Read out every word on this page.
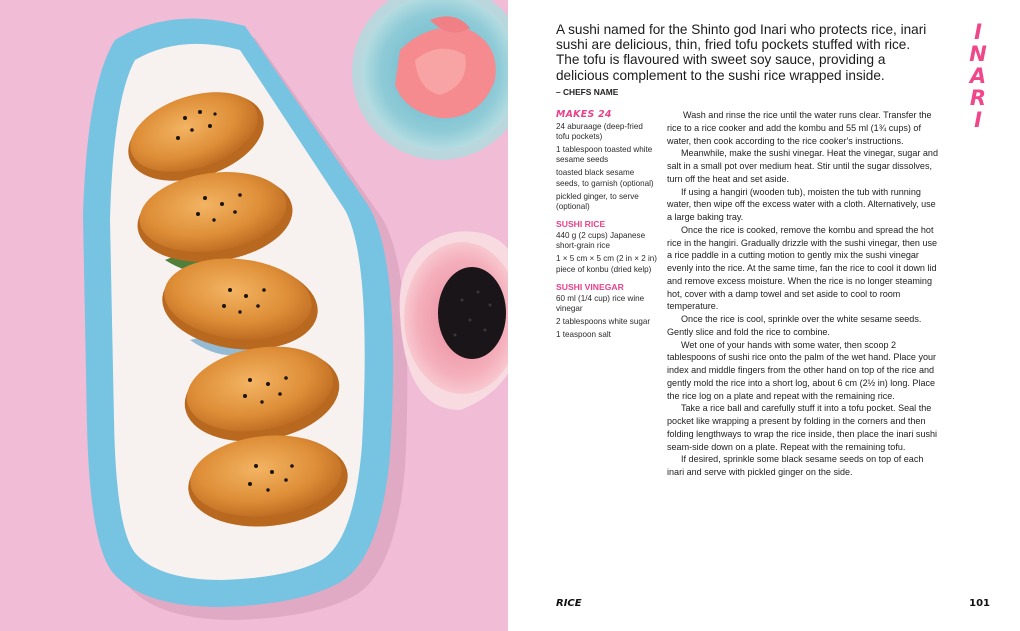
A sushi named for the Shinto god Inari who protects rice, inari sushi are delicious, thin, fried tofu pockets stuffed with rice. The tofu is flavoured with sweet soy sauce, providing a delicious complement to the sushi rice wrapped inside.

– CHEFS NAME
INARI
MAKES 24
24 aburaage (deep-fried tofu pockets)
1 tablespoon toasted white sesame seeds
toasted black sesame seeds, to garnish (optional)
pickled ginger, to serve (optional)
SUSHI RICE
440 g (2 cups) Japanese short-grain rice
1 × 5 cm × 5 cm (2 in × 2 in) piece of konbu (dried kelp)
SUSHI VINEGAR
60 ml (1/4 cup) rice wine vinegar
2 tablespoons white sugar
1 teaspoon salt

Wash and rinse the rice until the water runs clear. Transfer the rice to a rice cooker and add the kombu and 55 ml (1¾ cups) of water, then cook according to the rice cooker's instructions.

Meanwhile, make the sushi vinegar. Heat the vinegar, sugar and salt in a small pot over medium heat. Stir until the sugar dissolves, turn off the heat and set aside.

If using a hangiri (wooden tub), moisten the tub with running water, then wipe off the excess water with a cloth. Alternatively, use a large baking tray.

Once the rice is cooked, remove the kombu and spread the hot rice in the hangiri. Gradually drizzle with the sushi vinegar, then use a rice paddle in a cutting motion to gently mix the sushi vinegar evenly into the rice. At the same time, fan the rice to cool it down lid and remove excess moisture. When the rice is no longer steaming hot, cover with a damp towel and set aside to cool to room temperature.

Once the rice is cool, sprinkle over the white sesame seeds. Gently slice and fold the rice to combine.

Wet one of your hands with some water, then scoop 2 tablespoons of sushi rice onto the palm of the wet hand. Place your index and middle fingers from the other hand on top of the rice and gently mold the rice into a short log, about 6 cm (2½ in) long. Place the rice log on a plate and repeat with the remaining rice.

Take a rice ball and carefully stuff it into a tofu pocket. Seal the pocket like wrapping a present by folding in the corners and then folding lengthways to wrap the rice inside, then place the inari sushi seam-side down on a plate. Repeat with the remaining tofu.

If desired, sprinkle some black sesame seeds on top of each inari and serve with pickled ginger on the side.

RICE	101
